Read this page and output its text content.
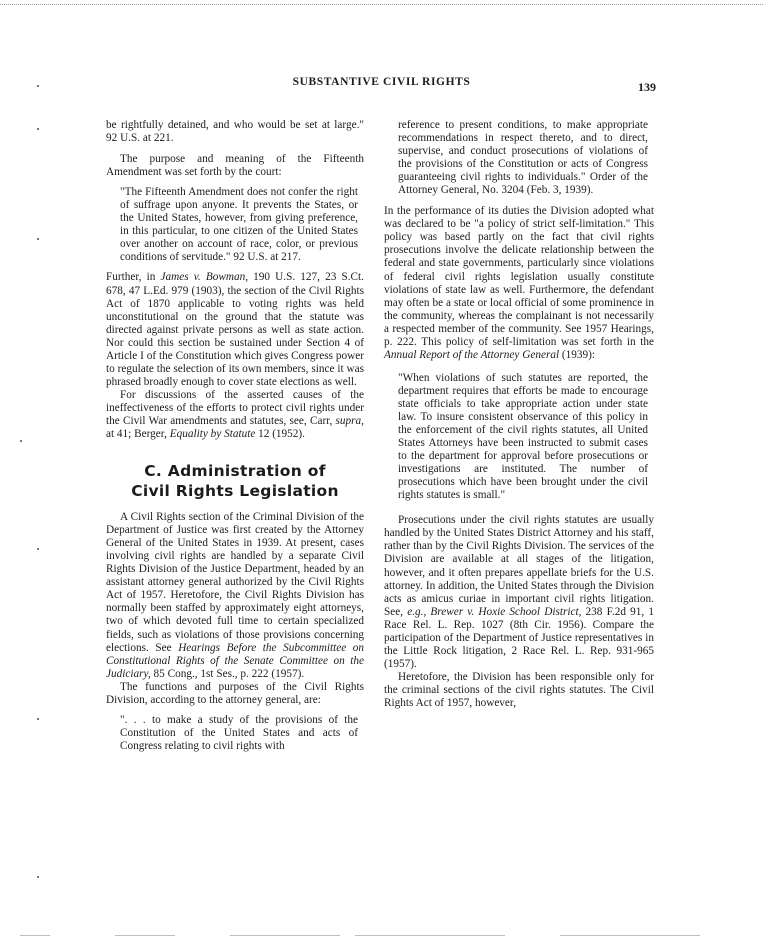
SUBSTANTIVE CIVIL RIGHTS	139

be rightfully detained, and who would be set at large." 92 U.S. at 221.

The purpose and meaning of the Fifteenth Amendment was set forth by the court:

"The Fifteenth Amendment does not confer the right of suffrage upon anyone. It prevents the States, or the United States, however, from giving preference, in this particular, to one citizen of the United States over another on account of race, color, or previous conditions of servitude." 92 U.S. at 217.

Further, in James v. Bowman, 190 U.S. 127, 23 S.Ct. 678, 47 L.Ed. 979 (1903), the section of the Civil Rights Act of 1870 applicable to voting rights was held unconstitutional on the ground that the statute was directed against private persons as well as state action. Nor could this section be sustained under Section 4 of Article I of the Constitution which gives Congress power to regulate the selection of its own members, since it was phrased broadly enough to cover state elections as well.

For discussions of the asserted causes of the ineffectiveness of the efforts to protect civil rights under the Civil War amendments and statutes, see, Carr, supra, at 41; Berger, Equality by Statute 12 (1952).

C. Administration of
Civil Rights Legislation

A Civil Rights section of the Criminal Division of the Department of Justice was first created by the Attorney General of the United States in 1939. At present, cases involving civil rights are handled by a separate Civil Rights Division of the Justice Department, headed by an assistant attorney general authorized by the Civil Rights Act of 1957. Heretofore, the Civil Rights Division has normally been staffed by approximately eight attorneys, two of which devoted full time to certain specialized fields, such as violations of those provisions concerning elections. See Hearings Before the Subcommittee on Constitutional Rights of the Senate Committee on the Judiciary, 85 Cong., 1st Ses., p. 222 (1957).

The functions and purposes of the Civil Rights Division, according to the attorney general, are:

". . . to make a study of the provisions of the Constitution of the United States and acts of Congress relating to civil rights with

reference to present conditions, to make appropriate recommendations in respect thereto, and to direct, supervise, and conduct prosecutions of violations of the provisions of the Constitution or acts of Congress guaranteeing civil rights to individuals." Order of the Attorney General, No. 3204 (Feb. 3, 1939).

In the performance of its duties the Division adopted what was declared to be "a policy of strict self-limitation." This policy was based partly on the fact that civil rights prosecutions involve the delicate relationship between the federal and state governments, particularly since violations of federal civil rights legislation usually constitute violations of state law as well. Furthermore, the defendant may often be a state or local official of some prominence in the community, whereas the complainant is not necessarily a respected member of the community. See 1957 Hearings, p. 222. This policy of self-limitation was set forth in the Annual Report of the Attorney General (1939):

"When violations of such statutes are reported, the department requires that efforts be made to encourage state officials to take appropriate action under state law. To insure consistent observance of this policy in the enforcement of the civil rights statutes, all United States Attorneys have been instructed to submit cases to the department for approval before prosecutions or investigations are instituted. The number of prosecutions which have been brought under the civil rights statutes is small."

Prosecutions under the civil rights statutes are usually handled by the United States District Attorney and his staff, rather than by the Civil Rights Division. The services of the Division are available at all stages of the litigation, however, and it often prepares appellate briefs for the U.S. attorney. In addition, the United States through the Division acts as amicus curiae in important civil rights litigation. See, e.g., Brewer v. Hoxie School District, 238 F.2d 91, 1 Race Rel. L. Rep. 1027 (8th Cir. 1956). Compare the participation of the Department of Justice representatives in the Little Rock litigation, 2 Race Rel. L. Rep. 931-965 (1957).

Heretofore, the Division has been responsible only for the criminal sections of the civil rights statutes. The Civil Rights Act of 1957, however,
